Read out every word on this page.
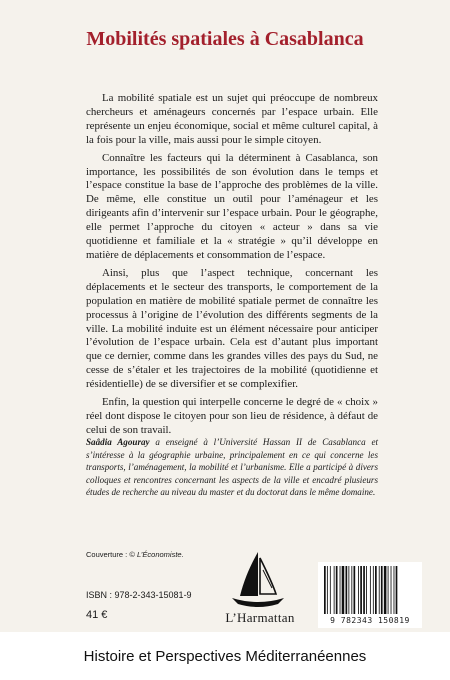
Mobilités spatiales à Casablanca

La mobilité spatiale est un sujet qui préoccupe de nombreux chercheurs et aménageurs concernés par l’espace urbain. Elle représente un enjeu économique, social et même culturel capital, à la fois pour la ville, mais aussi pour le simple citoyen.

Connaître les facteurs qui la déterminent à Casablanca, son importance, les possibilités de son évolution dans le temps et l’espace constitue la base de l’approche des problèmes de la ville. De même, elle constitue un outil pour l’aménageur et les dirigeants afin d’intervenir sur l’espace urbain. Pour le géographe, elle permet l’approche du citoyen « acteur » dans sa vie quotidienne et familiale et la « stratégie » qu’il développe en matière de déplacements et consommation de l’espace.

Ainsi, plus que l’aspect technique, concernant les déplacements et le secteur des transports, le comportement de la population en matière de mobilité spatiale permet de connaître les processus à l’origine de l’évolution des différents segments de la ville. La mobilité induite est un élément nécessaire pour anticiper l’évolution de l’espace urbain. Cela est d’autant plus important que ce dernier, comme dans les grandes villes des pays du Sud, ne cesse de s’étaler et les trajectoires de la mobilité (quotidienne et résidentielle) de se diversifier et se complexifier.

Enfin, la question qui interpelle concerne le degré de « choix » réel dont dispose le citoyen pour son lieu de résidence, à défaut de celui de son travail.

Saâdia Agouray a enseigné à l’Université Hassan II de Casablanca et s’intéresse à la géographie urbaine, principalement en ce qui concerne les transports, l’aménagement, la mobilité et l’urbanisme. Elle a participé à divers colloques et rencontres concernant les aspects de la ville et encadré plusieurs études de recherche au niveau du master et du doctorat dans le même domaine.
Couverture : © L’Économiste.
ISBN : 978-2-343-15081-9
41 €	L’Harmattan	9 782343 150819
Histoire et Perspectives Méditerranéennes
